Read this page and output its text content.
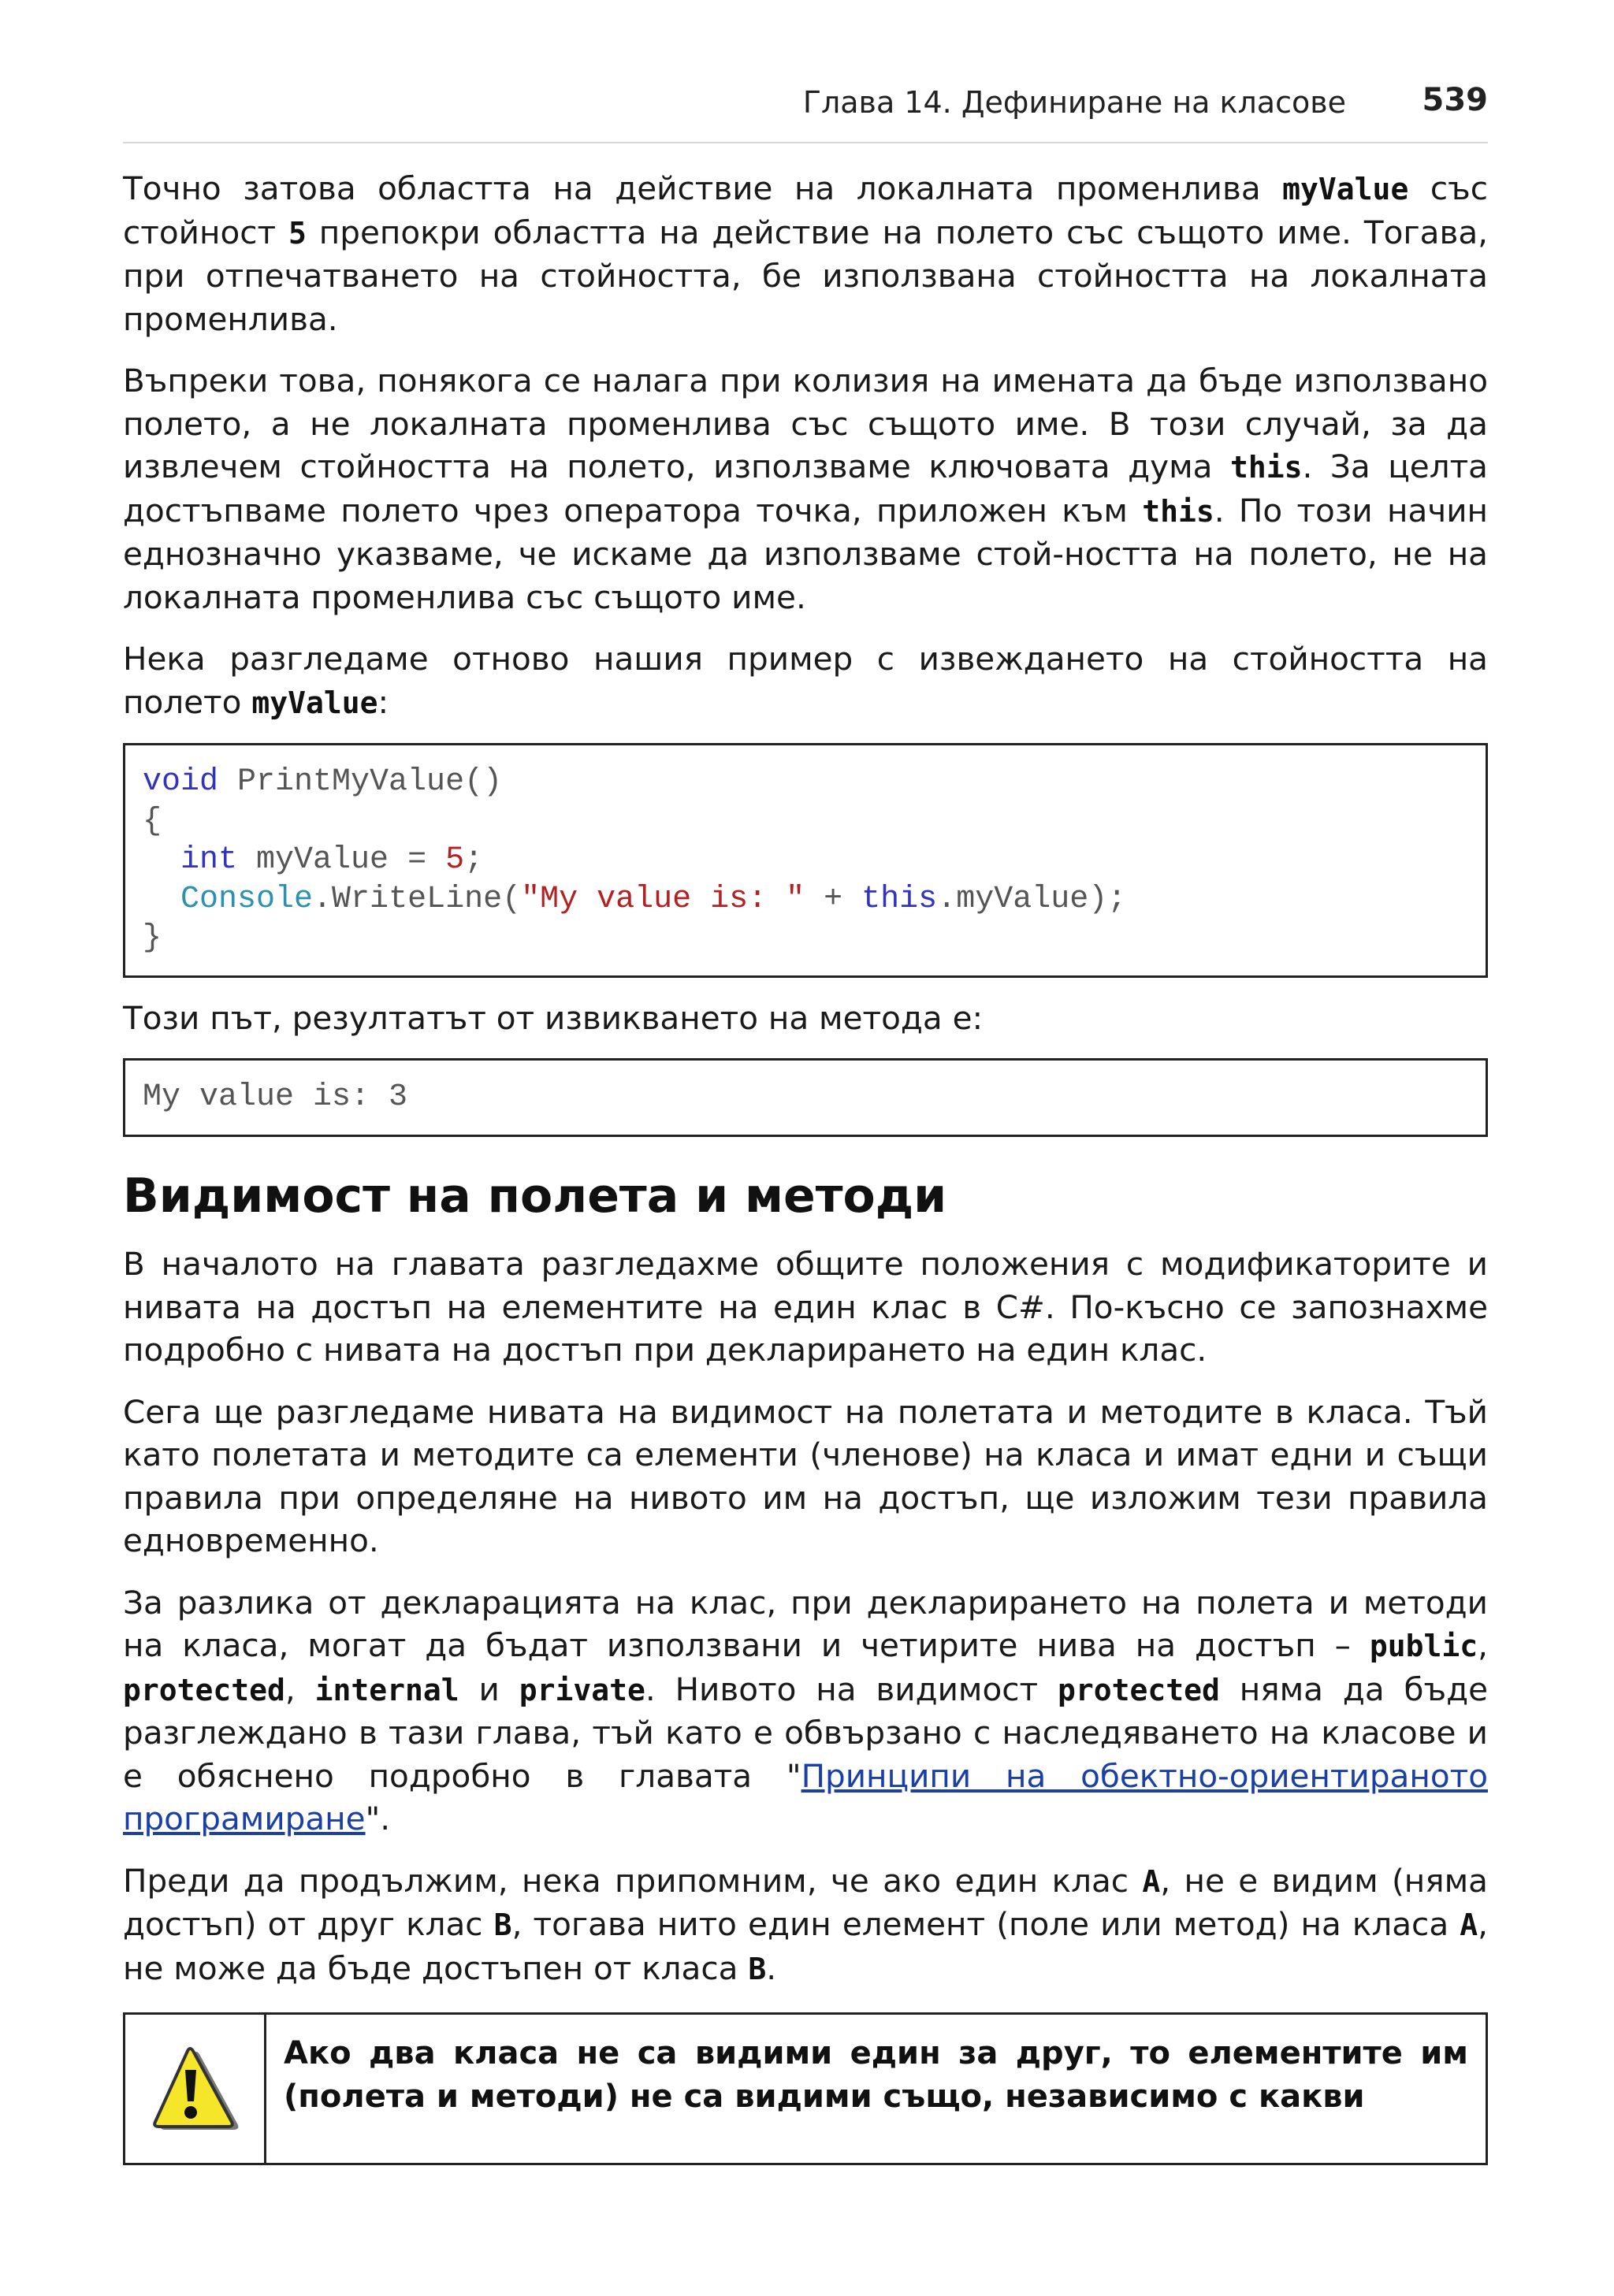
Глава 14. Дефиниране на класове 539

Точно затова областта на действие на локалната променлива myValue със стойност 5 препокри областта на действие на полето със същото име. Тогава, при отпечатването на стойността, бе използвана стойността на локалната променлива.

Въпреки това, понякога се налага при колизия на имената да бъде използвано полето, а не локалната променлива със същото име. В този случай, за да извлечем стойността на полето, използваме ключовата дума this. За целта достъпваме полето чрез оператора точка, приложен към this. По този начин еднозначно указваме, че искаме да използваме стой-ността на полето, не на локалната променлива със същото име.

Нека разгледаме отново нашия пример с извеждането на стойността на полето myValue:

void PrintMyValue()
{
int myValue = 5;
Console.WriteLine("My value is: " + this.myValue);
}

Този път, резултатът от извикването на метода е:

My value is: 3
Видимост на полета и методи

В началото на главата разгледахме общите положения с модификаторите и нивата на достъп на елементите на един клас в C#. По-късно се запознахме подробно с нивата на достъп при декларирането на един клас.

Сега ще разгледаме нивата на видимост на полетата и методите в класа. Тъй като полетата и методите са елементи (членове) на класа и имат едни и същи правила при определяне на нивото им на достъп, ще изложим тези правила едновременно.

За разлика от декларацията на клас, при декларирането на полета и методи на класа, могат да бъдат използвани и четирите нива на достъп – public, protected, internal и private. Нивото на видимост protected няма да бъде разглеждано в тази глава, тъй като е обвързано с наследяването на класове и е обяснено подробно в главата "Принципи на обектно-ориентираното програмиране".

Преди да продължим, нека припомним, че ако един клас A, не е видим (няма достъп) от друг клас B, тогава нито един елемент (поле или метод) на класа A, не може да бъде достъпен от класа B.

Ако два класа не са видими един за друг, то елементите им (полета и методи) не са видими също, независимо с какви
